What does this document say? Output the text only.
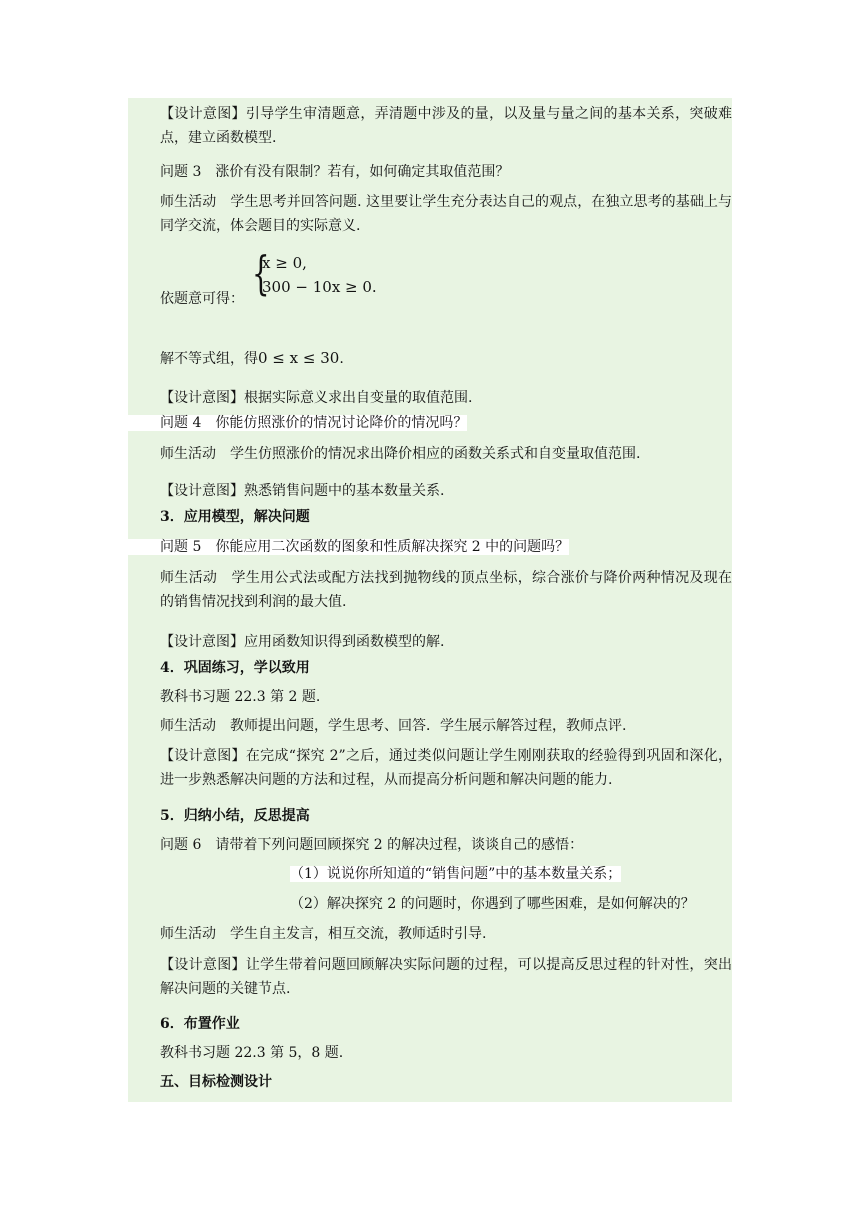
【设计意图】引导学生审清题意，弄清题中涉及的量，以及量与量之间的基本关系，突破难点，建立函数模型.
问题 3　涨价有没有限制？若有，如何确定其取值范围？
师生活动　学生思考并回答问题. 这里要让学生充分表达自己的观点，在独立思考的基础上与同学交流，体会题目的实际意义.
{
x ≥ 0,
300 − 10x ≥ 0.
依题意可得：
解不等式组，得0 ≤ x ≤ 30.
【设计意图】根据实际意义求出自变量的取值范围.
问题 4　你能仿照涨价的情况讨论降价的情况吗？
师生活动　学生仿照涨价的情况求出降价相应的函数关系式和自变量取值范围.
【设计意图】熟悉销售问题中的基本数量关系.
3．应用模型，解决问题
问题 5　你能应用二次函数的图象和性质解决探究 2 中的问题吗？
师生活动　学生用公式法或配方法找到抛物线的顶点坐标，综合涨价与降价两种情况及现在的销售情况找到利润的最大值.
【设计意图】应用函数知识得到函数模型的解.
4．巩固练习，学以致用
教科书习题 22.3 第 2 题.
师生活动　教师提出问题，学生思考、回答．学生展示解答过程，教师点评.
【设计意图】在完成“探究 2”之后，通过类似问题让学生刚刚获取的经验得到巩固和深化，进一步熟悉解决问题的方法和过程，从而提高分析问题和解决问题的能力.
5．归纳小结，反思提高
问题 6　请带着下列问题回顾探究 2 的解决过程，谈谈自己的感悟：
（1）说说你所知道的“销售问题”中的基本数量关系；
（2）解决探究 2 的问题时，你遇到了哪些困难，是如何解决的？
师生活动　学生自主发言，相互交流，教师适时引导.
【设计意图】让学生带着问题回顾解决实际问题的过程，可以提高反思过程的针对性，突出解决问题的关键节点.
6．布置作业
教科书习题 22.3 第 5，8 题.
五、目标检测设计
